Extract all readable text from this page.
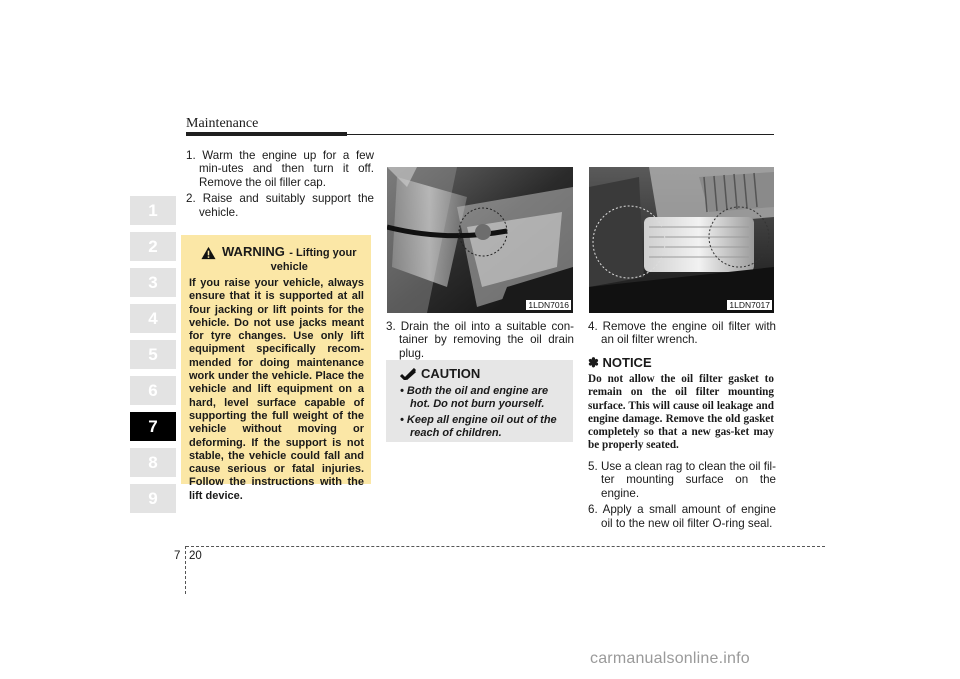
Maintenance
1
2
3
4
5
6
7
8
9

1. Warm the engine up for a few min-utes and then turn it off. Remove the oil filler cap.

2. Raise and suitably support the vehicle.

WARNING - Lifting your
vehicle
If you raise your vehicle, always ensure that it is supported at all four jacking or lift points for the vehicle. Do not use jacks meant for tyre changes. Use only lift equipment specifically recom-mended for doing maintenance work under the vehicle. Place the vehicle and lift equipment on a hard, level surface capable of supporting the full weight of the vehicle without moving or deforming. If the support is not stable, the vehicle could fall and cause serious or fatal injuries. Follow the instructions with the lift device.
1LDN7016	1LDN7017

3. Drain the oil into a suitable con-tainer by removing the oil drain plug.

CAUTION
• Both the oil and engine are hot. Do not burn yourself.
• Keep all engine oil out of the reach of children.

4. Remove the engine oil filter with an oil filter wrench.

✽ NOTICE
Do not allow the oil filter gasket to remain on the oil filter mounting surface. This will cause oil leakage and engine damage. Remove the old gasket completely so that a new gas-ket may be properly seated.

5. Use a clean rag to clean the oil fil-ter mounting surface on the engine.

6. Apply a small amount of engine oil to the new oil filter O-ring seal.

7 20
carmanualsonline.info
